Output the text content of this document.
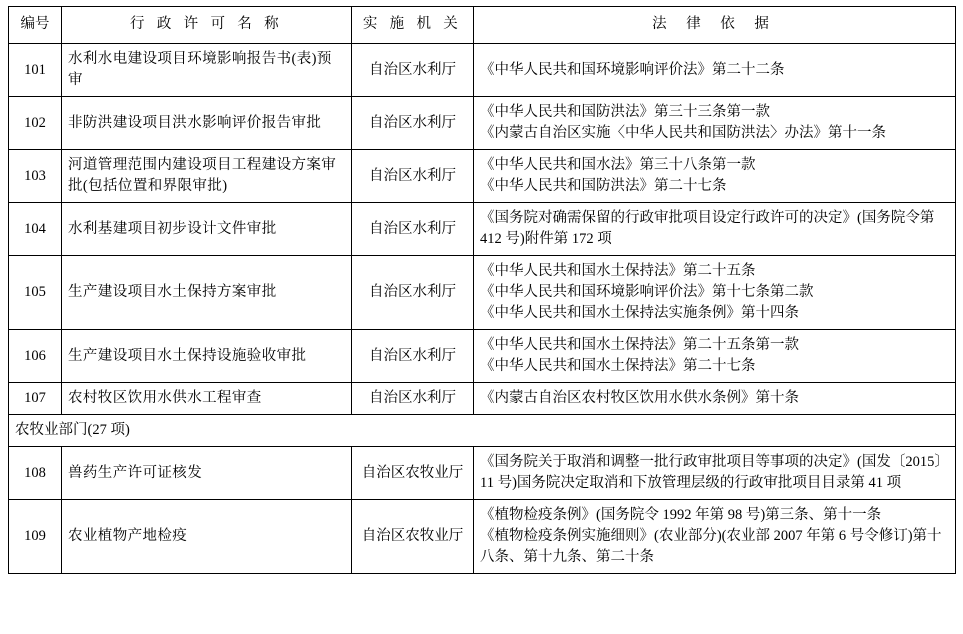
编号	行 政 许 可 名 称	实 施 机 关	法 律 依 据
101	水利水电建设项目环境影响报告书(表)预审	自治区水利厅	《中华人民共和国环境影响评价法》第二十二条

102	非防洪建设项目洪水影响评价报告审批	自治区水利厅	《中华人民共和国防洪法》第三十三条第一款
《内蒙古自治区实施〈中华人民共和国防洪法〉办法》第十一条

103	河道管理范围内建设项目工程建设方案审批(包括位置和界限审批)	自治区水利厅	《中华人民共和国水法》第三十八条第一款
《中华人民共和国防洪法》第二十七条

104	水利基建项目初步设计文件审批	自治区水利厅	《国务院对确需保留的行政审批项目设定行政许可的决定》(国务院令第 412 号)附件第 172 项

105	生产建设项目水土保持方案审批	自治区水利厅	《中华人民共和国水土保持法》第二十五条
《中华人民共和国环境影响评价法》第十七条第二款
《中华人民共和国水土保持法实施条例》第十四条

106	生产建设项目水土保持设施验收审批	自治区水利厅	《中华人民共和国水土保持法》第二十五条第一款
《中华人民共和国水土保持法》第二十七条

107	农村牧区饮用水供水工程审查	自治区水利厅	《内蒙古自治区农村牧区饮用水供水条例》第十条

农牧业部门(27 项)			
108	兽药生产许可证核发	自治区农牧业厅	《国务院关于取消和调整一批行政审批项目等事项的决定》(国发〔2015〕11 号)国务院决定取消和下放管理层级的行政审批项目目录第 41 项

109	农业植物产地检疫	自治区农牧业厅	《植物检疫条例》(国务院令 1992 年第 98 号)第三条、第十一条
《植物检疫条例实施细则》(农业部分)(农业部 2007 年第 6 号令修订)第十八条、第十九条、第二十条
